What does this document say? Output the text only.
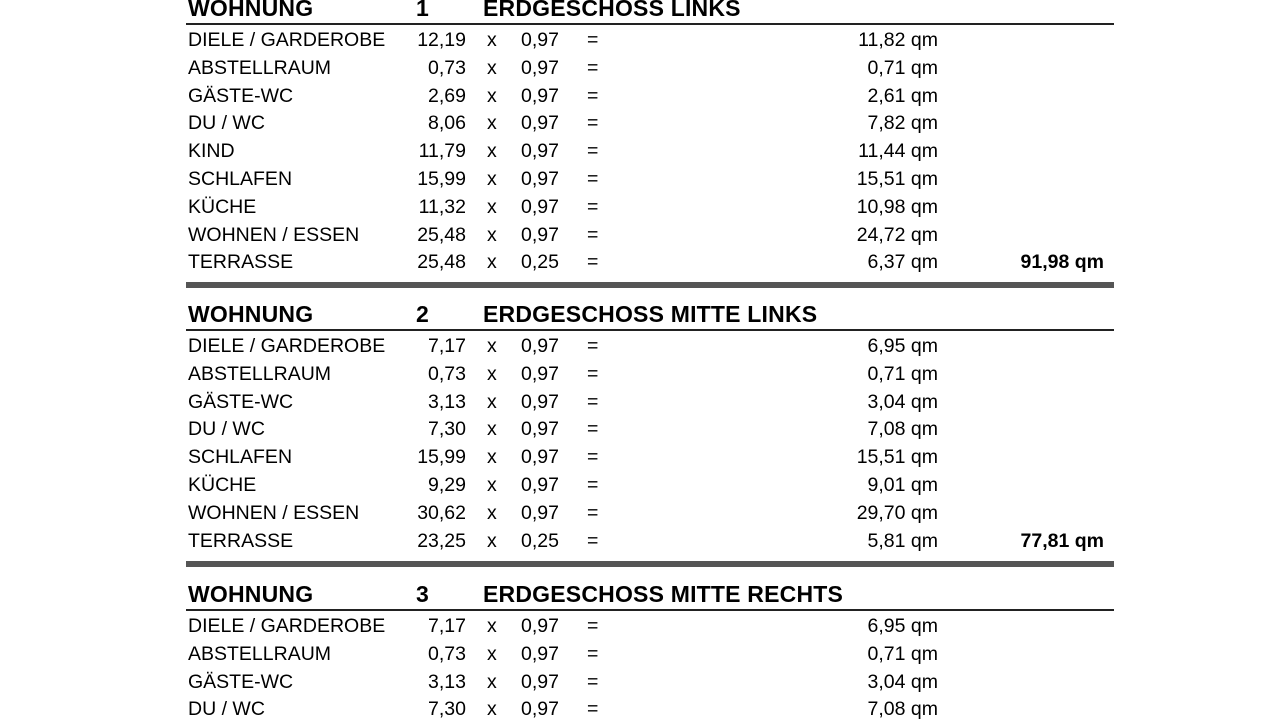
WOHNUNG	1 ERDGESCHOSS LINKS
DIELE / GARDEROBE 12,19 x 0,97 =	11,82 qm
ABSTELLRAUM	0,73 x 0,97 =	0,71 qm
GÄSTE-WC	2,69 x 0,97 =	2,61 qm
DU / WC	8,06 x 0,97 =	7,82 qm
KIND	11,79 x 0,97 =	11,44 qm
SCHLAFEN	15,99 x 0,97 =	15,51 qm
KÜCHE	11,32 x 0,97 =	10,98 qm
WOHNEN / ESSEN	25,48 x 0,97 =	24,72 qm
TERRASSE	25,48 x 0,25 =	6,37 qm	91,98 qm
WOHNUNG	2 ERDGESCHOSS MITTE LINKS
DIELE / GARDEROBE 7,17 x 0,97 =	6,95 qm
ABSTELLRAUM	0,73 x 0,97 =	0,71 qm
GÄSTE-WC	3,13 x 0,97 =	3,04 qm
DU / WC	7,30 x 0,97 =	7,08 qm
SCHLAFEN	15,99 x 0,97 =	15,51 qm
KÜCHE	9,29 x 0,97 =	9,01 qm
WOHNEN / ESSEN	30,62 x 0,97 =	29,70 qm
TERRASSE	23,25 x 0,25 =	5,81 qm	77,81 qm
WOHNUNG	3 ERDGESCHOSS MITTE RECHTS
DIELE / GARDEROBE 7,17 x 0,97 =	6,95 qm
ABSTELLRAUM	0,73 x 0,97 =	0,71 qm
GÄSTE-WC	3,13 x 0,97 =	3,04 qm
DU / WC	7,30 x 0,97 =	7,08 qm
